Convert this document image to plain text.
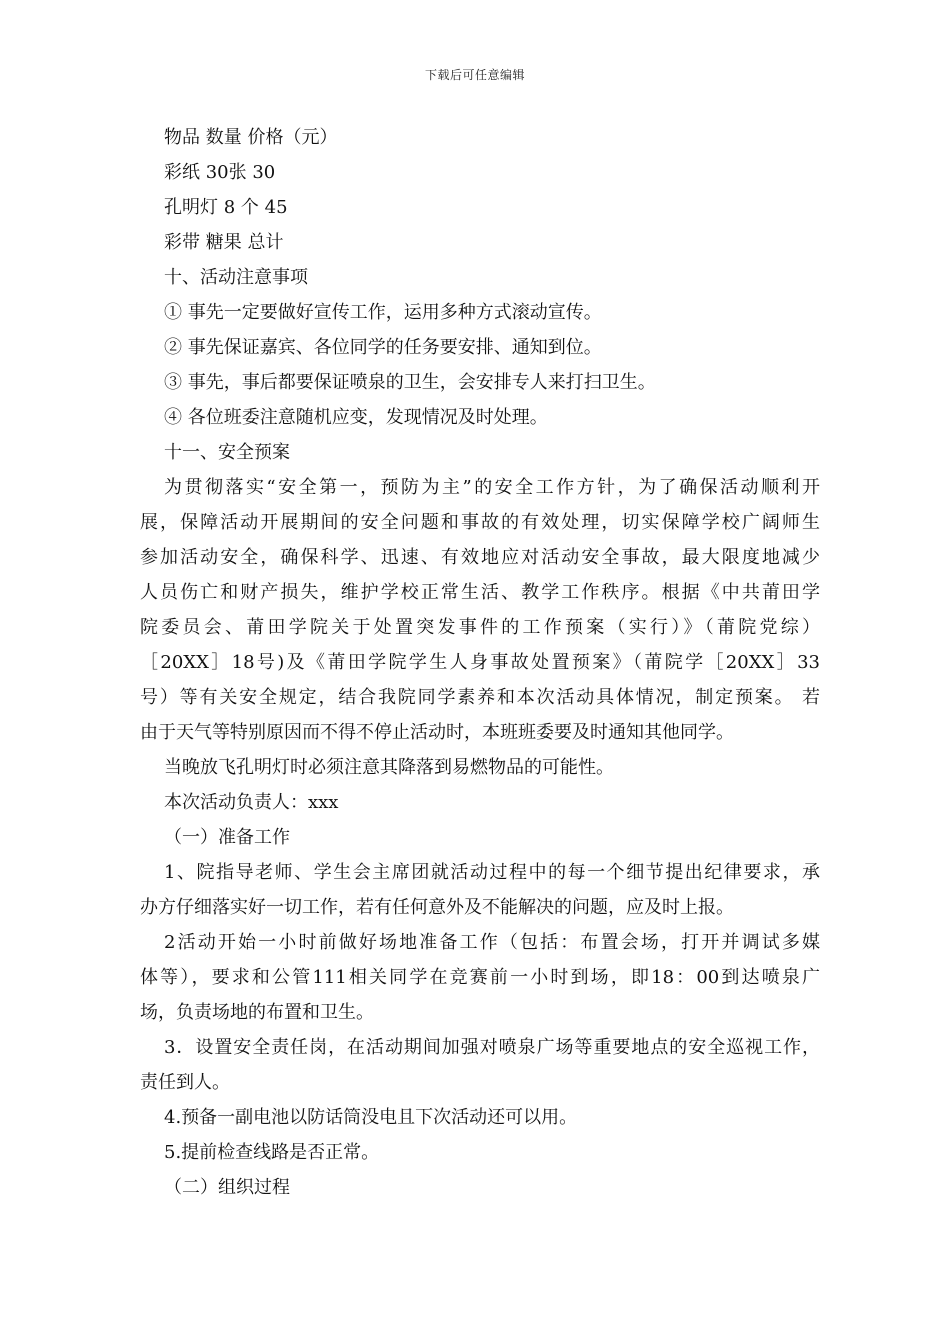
下载后可任意编辑
物品 数量 价格（元）
彩纸 30张 30
孔明灯 8 个 45
彩带 糖果 总计
十、活动注意事项
① 事先一定要做好宣传工作，运用多种方式滚动宣传。
② 事先保证嘉宾、各位同学的任务要安排、通知到位。
③ 事先，事后都要保证喷泉的卫生，会安排专人来打扫卫生。
④ 各位班委注意随机应变，发现情况及时处理。
十一、安全预案
为贯彻落实“安全第一，预防为主”的安全工作方针，为了确保活动顺利开
展，保障活动开展期间的安全问题和事故的有效处理，切实保障学校广阔师生
参加活动安全，确保科学、迅速、有效地应对活动安全事故，最大限度地减少
人员伤亡和财产损失，维护学校正常生活、教学工作秩序。根据《中共莆田学
院委员会、莆田学院关于处置突发事件的工作预案（实行）》（莆院党综）
［20XX］18号)及《莆田学院学生人身事故处置预案》（莆院学［20XX］33
号）等有关安全规定，结合我院同学素养和本次活动具体情况，制定预案。 若
由于天气等特别原因而不得不停止活动时，本班班委要及时通知其他同学。
当晚放飞孔明灯时必须注意其降落到易燃物品的可能性。
本次活动负责人：xxx
（一）准备工作
1、院指导老师、学生会主席团就活动过程中的每一个细节提出纪律要求，承
办方仔细落实好一切工作，若有任何意外及不能解决的问题，应及时上报。
2活动开始一小时前做好场地准备工作（包括：布置会场，打开并调试多媒
体等），要求和公管111相关同学在竞赛前一小时到场，即18：00到达喷泉广
场，负责场地的布置和卫生。
3．设置安全责任岗，在活动期间加强对喷泉广场等重要地点的安全巡视工作，
责任到人。
4.预备一副电池以防话筒没电且下次活动还可以用。
5.提前检查线路是否正常。
（二）组织过程
